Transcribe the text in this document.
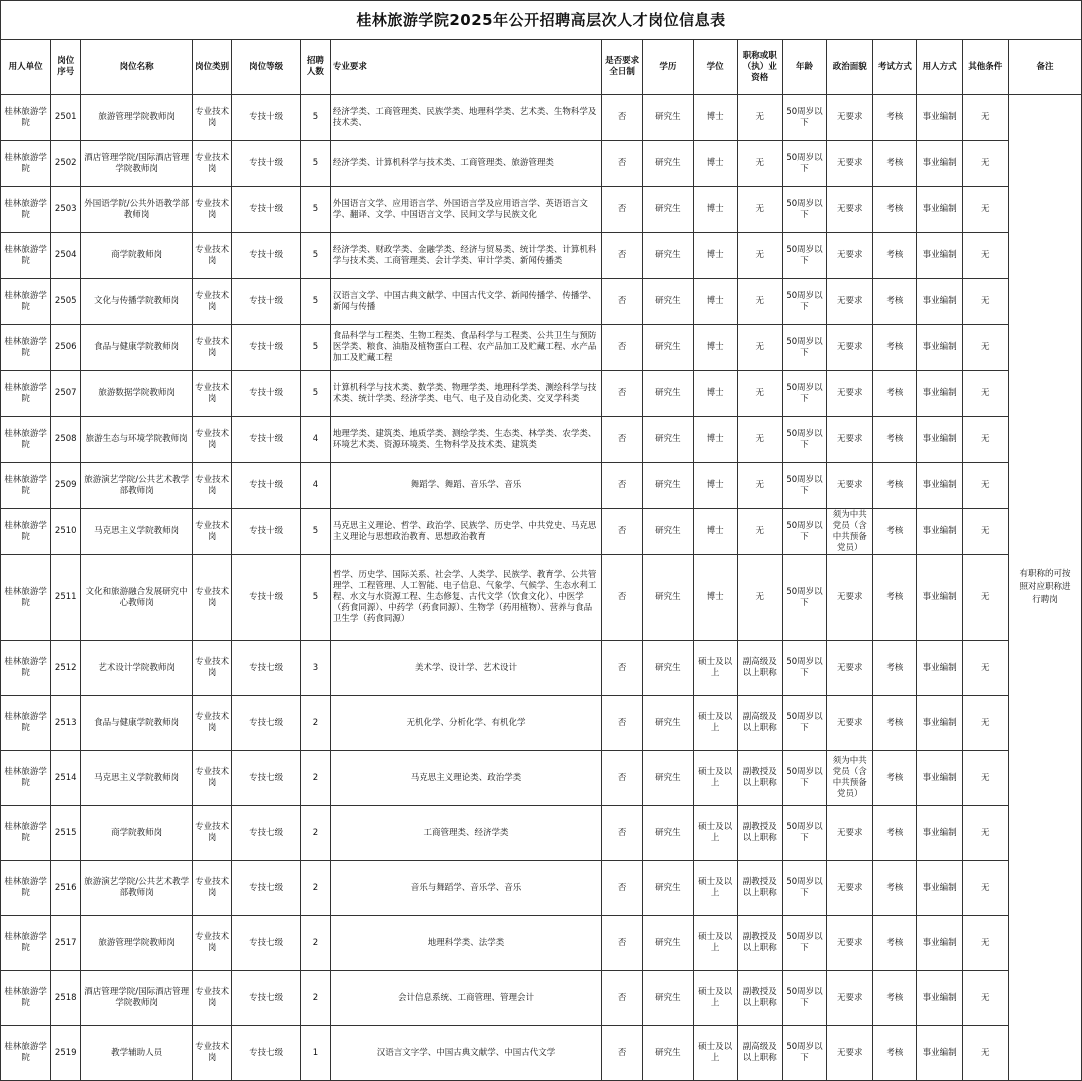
桂林旅游学院2025年公开招聘高层次人才岗位信息表																
用人单位	岗位序号	岗位名称	岗位类别	岗位等级	招聘人数	专业要求	是否要求全日制	学历	学位	职称或职（执）业资格	年龄	政治面貌	考试方式	用人方式	其他条件	备注
桂林旅游学院	2501	旅游管理学院教师岗	专业技术岗	专技十级	5	经济学类、工商管理类、民族学类、地理科学类、艺术类、生物科学及技术类、	否	研究生	博士	无	50周岁以下	无要求	考核	事业编制	无	有职称的可按照对应职称进行聘岗
桂林旅游学院	2502	酒店管理学院/国际酒店管理学院教师岗	专业技术岗	专技十级	5	经济学类、计算机科学与技术类、工商管理类、旅游管理类	否	研究生	博士	无	50周岁以下	无要求	考核	事业编制	无	
桂林旅游学院	2503	外国语学院/公共外语教学部教师岗	专业技术岗	专技十级	5	外国语言文学、应用语言学、外国语言学及应用语言学、英语语言文学、翻译、文学、中国语言文学、民间文学与民族文化	否	研究生	博士	无	50周岁以下	无要求	考核	事业编制	无	
桂林旅游学院	2504	商学院教师岗	专业技术岗	专技十级	5	经济学类、财政学类、金融学类、经济与贸易类、统计学类、计算机科学与技术类、工商管理类、会计学类、审计学类、新闻传播类	否	研究生	博士	无	50周岁以下	无要求	考核	事业编制	无	
桂林旅游学院	2505	文化与传播学院教师岗	专业技术岗	专技十级	5	汉语言文学、中国古典文献学、中国古代文学、新闻传播学、传播学、新闻与传播	否	研究生	博士	无	50周岁以下	无要求	考核	事业编制	无	
桂林旅游学院	2506	食品与健康学院教师岗	专业技术岗	专技十级	5	食品科学与工程类、生物工程类、食品科学与工程类、公共卫生与预防医学类、粮食、油脂及植物蛋白工程、农产品加工及贮藏工程、水产品加工及贮藏工程	否	研究生	博士	无	50周岁以下	无要求	考核	事业编制	无	
桂林旅游学院	2507	旅游数据学院教师岗	专业技术岗	专技十级	5	计算机科学与技术类、数学类、物理学类、地理科学类、测绘科学与技术类、统计学类、经济学类、电气、电子及自动化类、交叉学科类	否	研究生	博士	无	50周岁以下	无要求	考核	事业编制	无	
桂林旅游学院	2508	旅游生态与环境学院教师岗	专业技术岗	专技十级	4	地理学类、建筑类、地质学类、测绘学类、生态类、林学类、农学类、环境艺术类、资源环境类、生物科学及技术类、建筑类	否	研究生	博士	无	50周岁以下	无要求	考核	事业编制	无	
桂林旅游学院	2509	旅游演艺学院/公共艺术教学部教师岗	专业技术岗	专技十级	4	舞蹈学、舞蹈、音乐学、音乐	否	研究生	博士	无	50周岁以下	无要求	考核	事业编制	无	
桂林旅游学院	2510	马克思主义学院教师岗	专业技术岗	专技十级	5	马克思主义理论、哲学、政治学、民族学、历史学、中共党史、马克思主义理论与思想政治教育、思想政治教育	否	研究生	博士	无	50周岁以下	须为中共党员（含中共预备党员）	考核	事业编制	无	
桂林旅游学院	2511	文化和旅游融合发展研究中心教师岗	专业技术岗	专技十级	5	哲学、历史学、国际关系、社会学、人类学、民族学、教育学、公共管理学、工程管理、人工智能、电子信息、气象学、气候学、生态水利工程、水文与水资源工程、生态修复、古代文学（饮食文化）、中医学（药食同源）、中药学（药食同源）、生物学（药用植物）、营养与食品卫生学（药食同源）	否	研究生	博士	无	50周岁以下	无要求	考核	事业编制	无	
桂林旅游学院	2512	艺术设计学院教师岗	专业技术岗	专技七级	3	美术学、设计学、艺术设计	否	研究生	硕士及以上	副高级及以上职称	50周岁以下	无要求	考核	事业编制	无	
桂林旅游学院	2513	食品与健康学院教师岗	专业技术岗	专技七级	2	无机化学、分析化学、有机化学	否	研究生	硕士及以上	副高级及以上职称	50周岁以下	无要求	考核	事业编制	无	
桂林旅游学院	2514	马克思主义学院教师岗	专业技术岗	专技七级	2	马克思主义理论类、政治学类	否	研究生	硕士及以上	副教授及以上职称	50周岁以下	须为中共党员（含中共预备党员）	考核	事业编制	无	
桂林旅游学院	2515	商学院教师岗	专业技术岗	专技七级	2	工商管理类、经济学类	否	研究生	硕士及以上	副教授及以上职称	50周岁以下	无要求	考核	事业编制	无	
桂林旅游学院	2516	旅游演艺学院/公共艺术教学部教师岗	专业技术岗	专技七级	2	音乐与舞蹈学、音乐学、音乐	否	研究生	硕士及以上	副教授及以上职称	50周岁以下	无要求	考核	事业编制	无	
桂林旅游学院	2517	旅游管理学院教师岗	专业技术岗	专技七级	2	地理科学类、法学类	否	研究生	硕士及以上	副教授及以上职称	50周岁以下	无要求	考核	事业编制	无	
桂林旅游学院	2518	酒店管理学院/国际酒店管理学院教师岗	专业技术岗	专技七级	2	会计信息系统、工商管理、管理会计	否	研究生	硕士及以上	副教授及以上职称	50周岁以下	无要求	考核	事业编制	无	
桂林旅游学院	2519	教学辅助人员	专业技术岗	专技七级	1	汉语言文字学、中国古典文献学、中国古代文学	否	研究生	硕士及以上	副高级及以上职称	50周岁以下	无要求	考核	事业编制	无	
